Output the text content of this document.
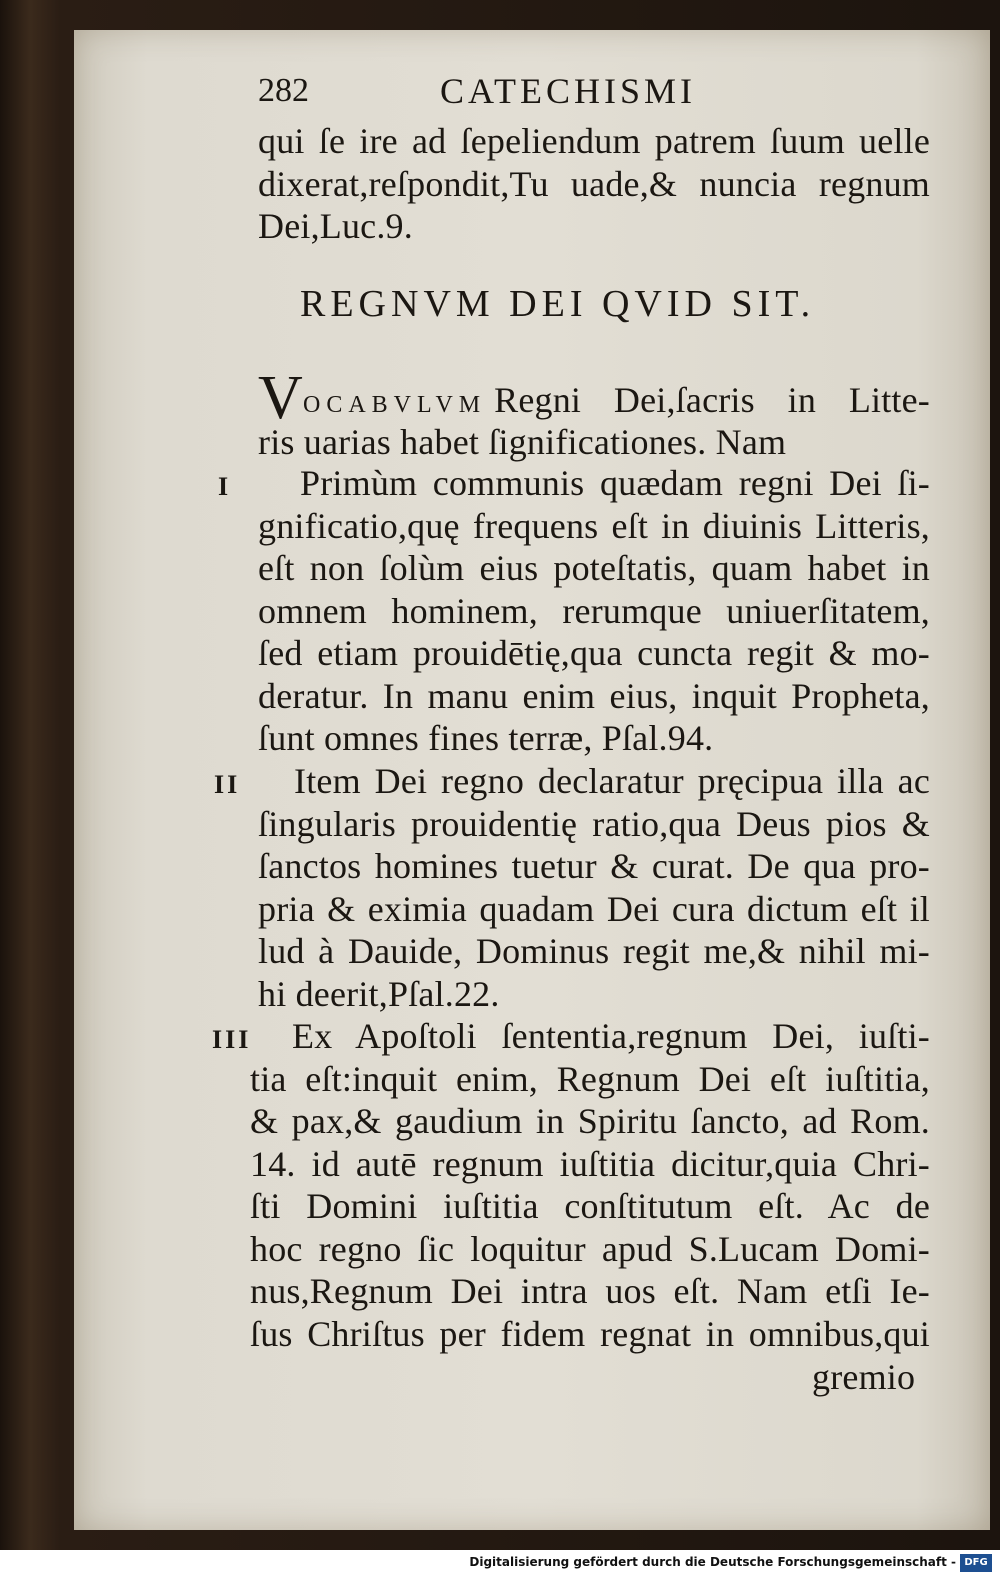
282	CATECHISMI
qui ſe ire ad ſepeliendum patrem ſuum uelle
dixerat,reſpondit,Tu uade,& nuncia regnum
Dei,Luc.9.
REGNVM DEI QVID SIT.
VOCABVLVM Regni Dei,ſacris in Litte-
ris uarias habet ſignificationes. Nam
I	Primùm communis quædam regni Dei ſi-
gnificatio,quę frequens eſt in diuinis Litteris,
eſt non ſolùm eius poteſtatis, quam habet in
omnem hominem, rerumque uniuerſitatem,
ſed etiam prouidētię,qua cuncta regit & mo-
deratur. In manu enim eius, inquit Propheta,
ſunt omnes fines terræ, Pſal.94.
II	Item Dei regno declaratur pręcipua illa ac
ſingularis prouidentię ratio,qua Deus pios &
ſanctos homines tuetur & curat. De qua pro-
pria & eximia quadam Dei cura dictum eſt il
lud à Dauide, Dominus regit me,& nihil mi-
hi deerit,Pſal.22.
III	Ex Apoſtoli ſententia,regnum Dei, iuſti-
tia eſt:inquit enim, Regnum Dei eſt iuſtitia,
& pax,& gaudium in Spiritu ſancto, ad Rom.
14. id autē regnum iuſtitia dicitur,quia Chri-
ſti Domini iuſtitia conſtitutum eſt. Ac de
hoc regno ſic loquitur apud S.Lucam Domi-
nus,Regnum Dei intra uos eſt. Nam etſi Ie-
ſus Chriſtus per fidem regnat in omnibus,qui
gremio
Digitalisierung gefördert durch die Deutsche Forschungsgemeinschaft - DFG
